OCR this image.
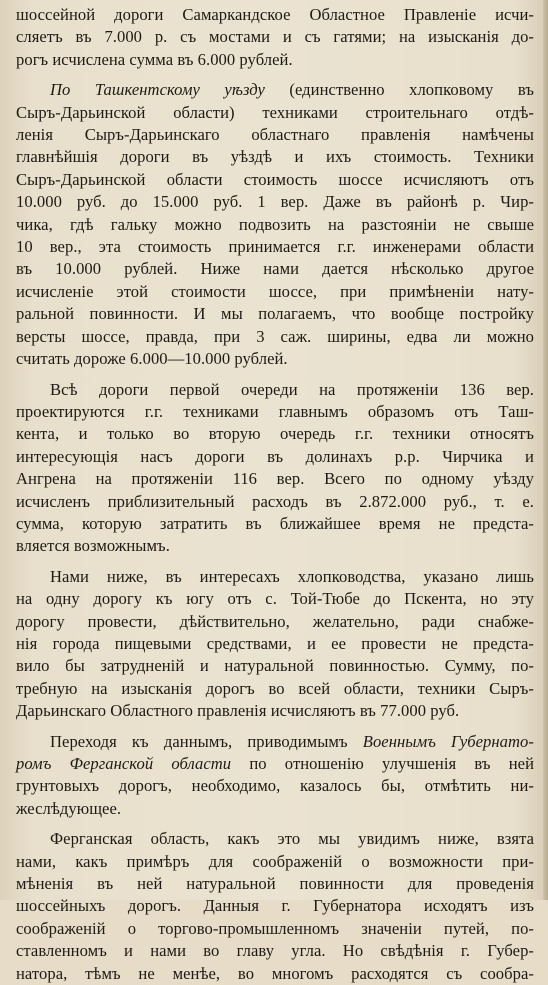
шоссейной дороги Самаркандское Областное Правленіе исчи-
сляетъ въ 7.000 р. съ мостами и съ гатями; на изысканія до-
рогъ исчислена сумма въ 6.000 рублей.
По Ташкентскому уѣзду (единственно хлопковому въ
Сыръ-Дарьинской области) техниками строительнаго отдѣ-
ленія Сыръ-Дарьинскаго областнаго правленія намѣчены
главнѣйшія дороги въ уѣздѣ и ихъ стоимость. Техники
Сыръ-Дарьинской области стоимость шоссе исчисляютъ отъ
10.000 руб. до 15.000 руб. 1 вер. Даже въ районѣ р. Чир-
чика, гдѣ гальку можно подвозить на разстояніи не свыше
10 вер., эта стоимость принимается г.г. инженерами области
въ 10.000 рублей. Ниже нами дается нѣсколько другое
исчисленіе этой стоимости шоссе, при примѣненіи нату-
ральной повинности. И мы полагаемъ, что вообще постройку
версты шоссе, правда, при 3 саж. ширины, едва ли можно
считать дороже 6.000—10.000 рублей.
Всѣ дороги первой очереди на протяженіи 136 вер.
проектируются г.г. техниками главнымъ образомъ отъ Таш-
кента, и только во вторую очередь г.г. техники относятъ
интересующія насъ дороги въ долинахъ р.р. Чирчика и
Ангрена на протяженіи 116 вер. Всего по одному уѣзду
исчисленъ приблизительный расходъ въ 2.872.000 руб., т. е.
сумма, которую затратить въ ближайшее время не предста-
вляется возможнымъ.
Нами ниже, въ интересахъ хлопководства, указано лишь
на одну дорогу къ югу отъ с. Той-Тюбе до Пскента, но эту
дорогу провести, дѣйствительно, желательно, ради снабже-
нія города пищевыми средствами, и ее провести не предста-
вило бы затрудненій и натуральной повинностью. Сумму, по-
требную на изысканія дорогъ во всей области, техники Сыръ-
Дарьинскаго Областного правленія исчисляютъ въ 77.000 руб.
Переходя къ даннымъ, приводимымъ Военнымъ Губернато-
ромъ Ферганской области по отношенію улучшенія въ ней
грунтовыхъ дорогъ, необходимо, казалось бы, отмѣтить ни-
жеслѣдующее.
Ферганская область, какъ это мы увидимъ ниже, взята
нами, какъ примѣръ для соображеній о возможности при-
мѣненія въ ней натуральной повинности для проведенія
шоссейныхъ дорогъ. Данныя г. Губернатора исходятъ изъ
соображеній о торгово-промышленномъ значеніи путей, по-
ставленномъ и нами во главу угла. Но свѣдѣнія г. Губер-
натора, тѣмъ не менѣе, во многомъ расходятся съ сообра-
